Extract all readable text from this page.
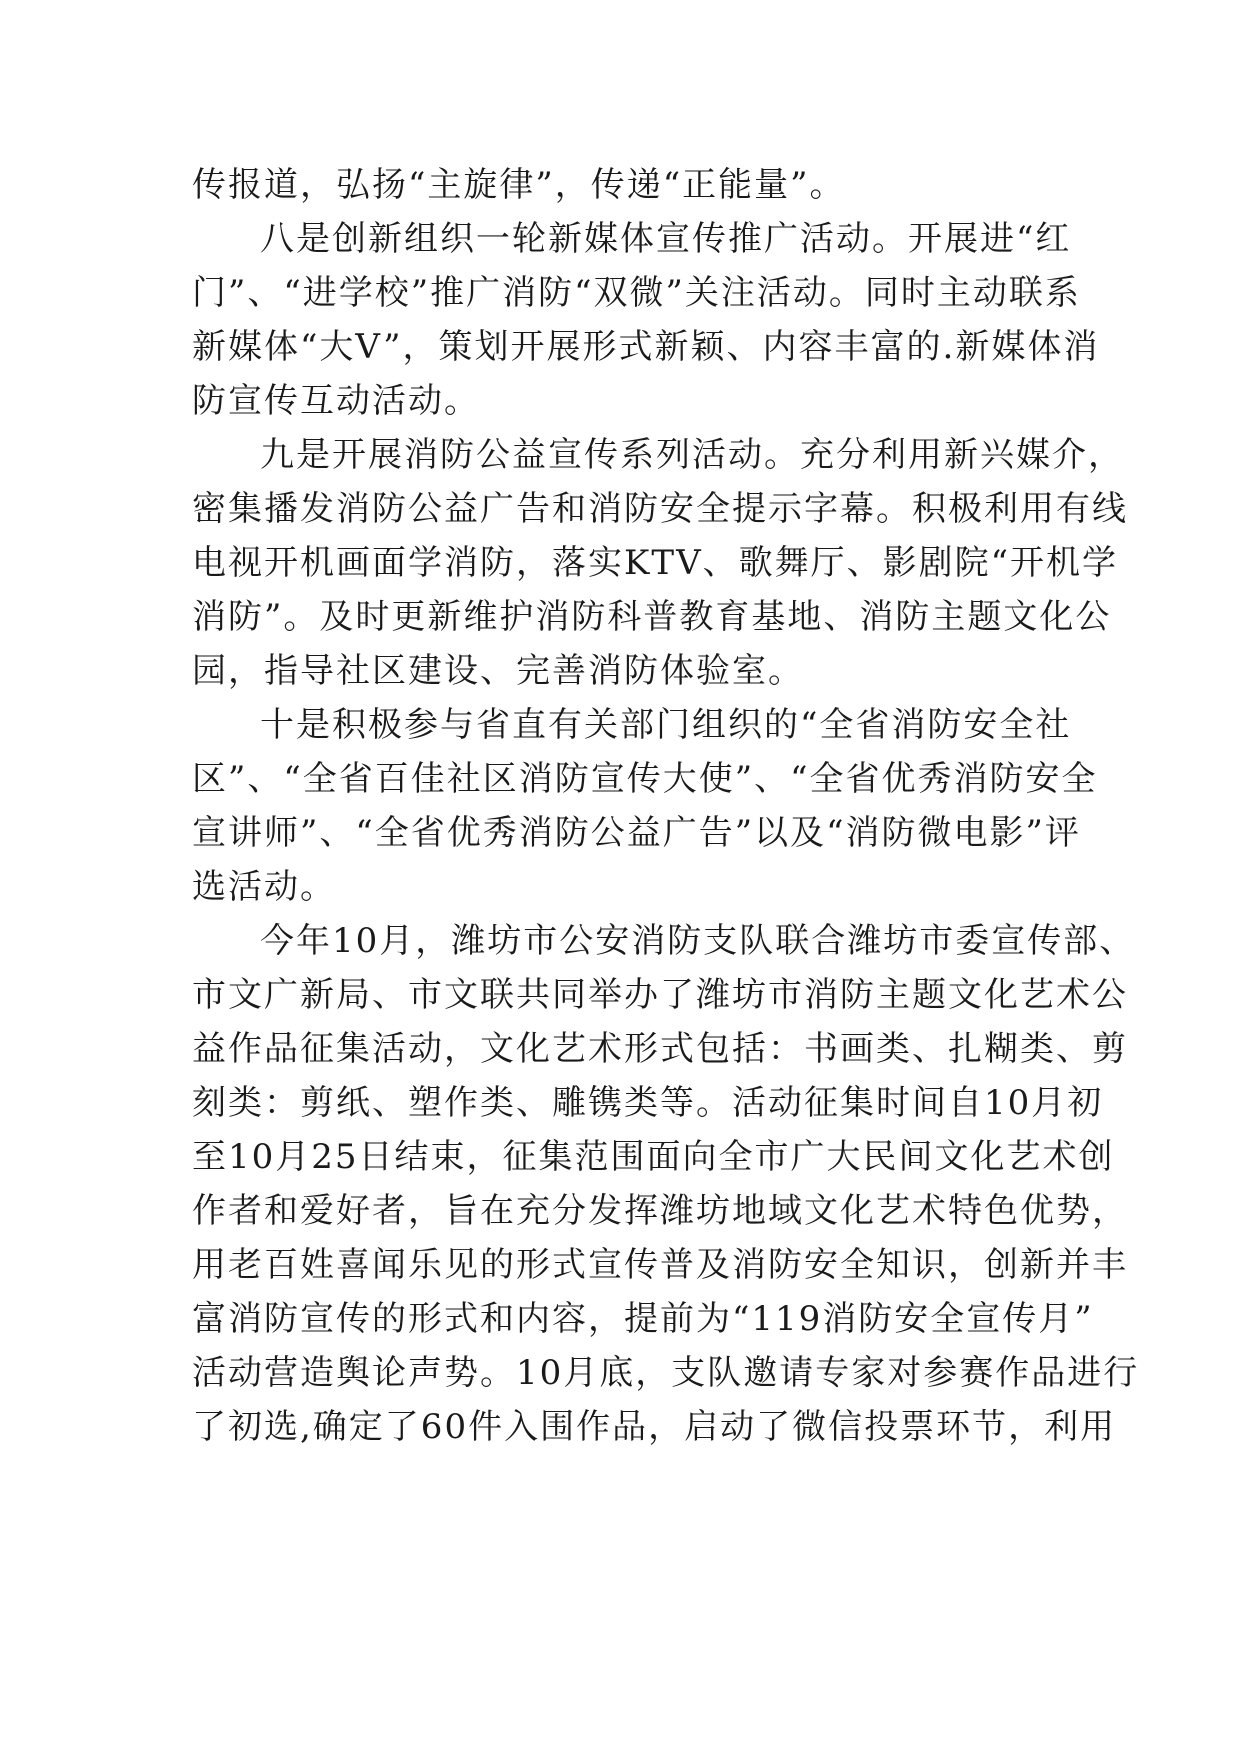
传报道，弘扬“主旋律”，传递“正能量”。
八是创新组织一轮新媒体宣传推广活动。开展进“红
门”、“进学校”推广消防“双微”关注活动。同时主动联系
新媒体“大V”，策划开展形式新颖、内容丰富的.新媒体消
防宣传互动活动。
九是开展消防公益宣传系列活动。充分利用新兴媒介，
密集播发消防公益广告和消防安全提示字幕。积极利用有线
电视开机画面学消防，落实KTV、歌舞厅、影剧院“开机学
消防”。及时更新维护消防科普教育基地、消防主题文化公
园，指导社区建设、完善消防体验室。
十是积极参与省直有关部门组织的“全省消防安全社
区”、“全省百佳社区消防宣传大使”、“全省优秀消防安全
宣讲师”、“全省优秀消防公益广告”以及“消防微电影”评
选活动。
今年10月，潍坊市公安消防支队联合潍坊市委宣传部、
市文广新局、市文联共同举办了潍坊市消防主题文化艺术公
益作品征集活动，文化艺术形式包括：书画类、扎糊类、剪
刻类：剪纸、塑作类、雕镌类等。活动征集时间自10月初
至10月25日结束，征集范围面向全市广大民间文化艺术创
作者和爱好者，旨在充分发挥潍坊地域文化艺术特色优势，
用老百姓喜闻乐见的形式宣传普及消防安全知识，创新并丰
富消防宣传的形式和内容，提前为“119消防安全宣传月”
活动营造舆论声势。10月底，支队邀请专家对参赛作品进行
了初选,确定了60件入围作品，启动了微信投票环节，利用
